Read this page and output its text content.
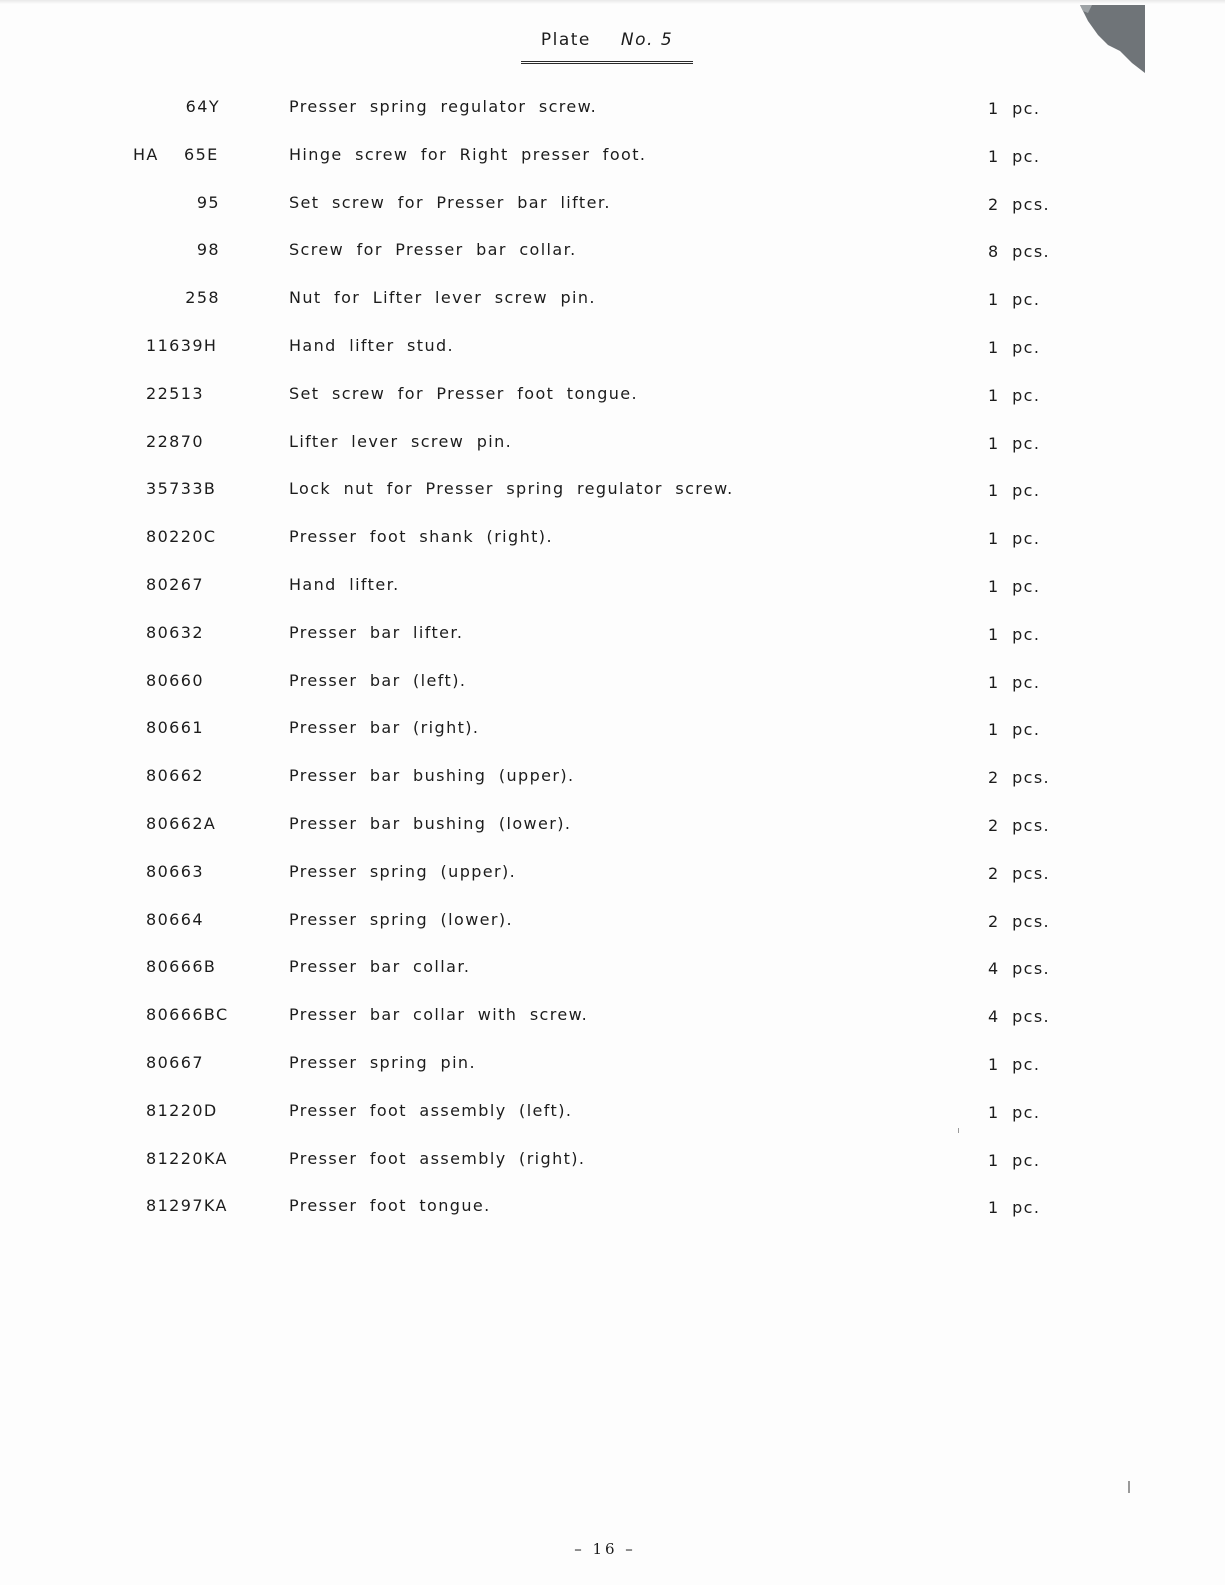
Plate No. 5
64Y	Presser spring regulator screw.	1 pc.
HA 65E	Hinge screw for Right presser foot.	1 pc.
95	Set screw for Presser bar lifter.	2 pcs.
98	Screw for Presser bar collar.	8 pcs.
258	Nut for Lifter lever screw pin.	1 pc.
11639H	Hand lifter stud.	1 pc.
22513	Set screw for Presser foot tongue.	1 pc.
22870	Lifter lever screw pin.	1 pc.
35733B	Lock nut for Presser spring regulator screw.	1 pc.
80220C	Presser foot shank (right).	1 pc.
80267	Hand lifter.	1 pc.
80632	Presser bar lifter.	1 pc.
80660	Presser bar (left).	1 pc.
80661	Presser bar (right).	1 pc.
80662	Presser bar bushing (upper).	2 pcs.
80662A	Presser bar bushing (lower).	2 pcs.
80663	Presser spring (upper).	2 pcs.
80664	Presser spring (lower).	2 pcs.
80666B	Presser bar collar.	4 pcs.
80666BC	Presser bar collar with screw.	4 pcs.
80667	Presser spring pin.	1 pc.
81220D	Presser foot assembly (left).	1 pc.
81220KA	Presser foot assembly (right).	1 pc.
81297KA	Presser foot tongue.	1 pc.
– 16 –
